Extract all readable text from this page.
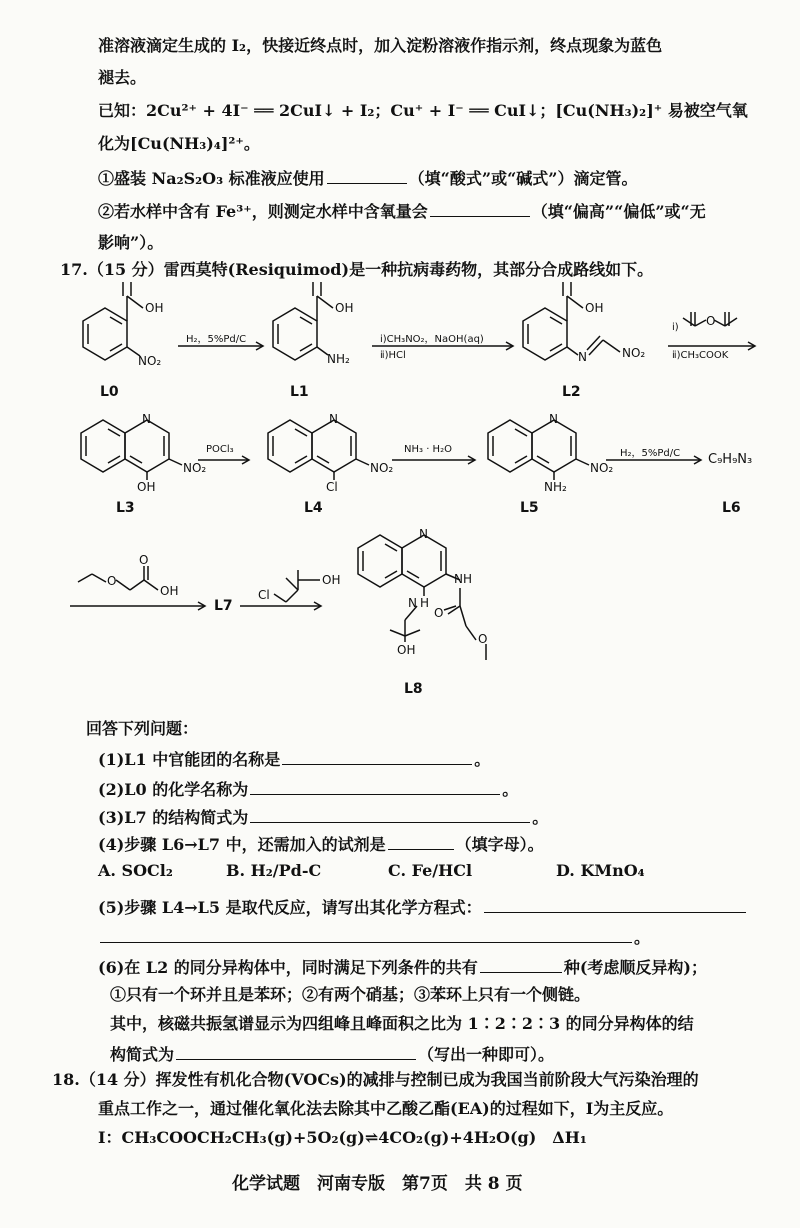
准溶液滴定生成的 I₂，快接近终点时，加入淀粉溶液作指示剂，终点现象为蓝色
褪去。
已知：2Cu²⁺ + 4I⁻ ══ 2CuI↓ + I₂；Cu⁺ + I⁻ ══ CuI↓；[Cu(NH₃)₂]⁺ 易被空气氧
化为[Cu(NH₃)₄]²⁺。
①盛装 Na₂S₂O₃ 标准液应使用	（填“酸式”或“碱式”）滴定管。
②若水样中含有 Fe³⁺，则测定水样中含氧量会	（填“偏高”“偏低”或“无
影响”）。
17.（15 分）雷西莫特(Resiquimod)是一种抗病毒药物，其部分合成路线如下。
OH
NO₂
OH
NH₂
OH
N	NO₂
O
N
NO₂
OH
N
NO₂
Cl
N
NO₂
NH₂
O
O
OH	Cl
OH
N
NH
N H
OH
O
O
H₂，5%Pd/C	ⅰ)CH₃NO₂，NaOH(aq)
ⅱ)HCl
ⅰ)
ⅱ)CH₃COOK
POCl₃	NH₃ · H₂O	H₂，5%Pd/C C₉H₉N₃
L0	L1	L2
L3	L4	L5	L6
L7
L8
回答下列问题：
(1)L1 中官能团的名称是	。
(2)L0 的化学名称为	。
(3)L7 的结构简式为	。
(4)步骤 L6→L7 中，还需加入的试剂是	（填字母）。
A. SOCl₂	B. H₂/Pd-C	C. Fe/HCl	D. KMnO₄
(5)步骤 L4→L5 是取代反应，请写出其化学方程式：
。
(6)在 L2 的同分异构体中，同时满足下列条件的共有	种(考虑顺反异构)；
①只有一个环并且是苯环；②有两个硝基；③苯环上只有一个侧链。
其中，核磁共振氢谱显示为四组峰且峰面积之比为 1∶2∶2∶3 的同分异构体的结
构简式为	（写出一种即可）。
18.（14 分）挥发性有机化合物(VOCs)的减排与控制已成为我国当前阶段大气污染治理的
重点工作之一，通过催化氧化法去除其中乙酸乙酯(EA)的过程如下，Ⅰ为主反应。
Ⅰ：CH₃COOCH₂CH₃(g)+5O₂(g)⇌4CO₂(g)+4H₂O(g)　ΔH₁
化学试题　河南专版　第7页　共 8 页
